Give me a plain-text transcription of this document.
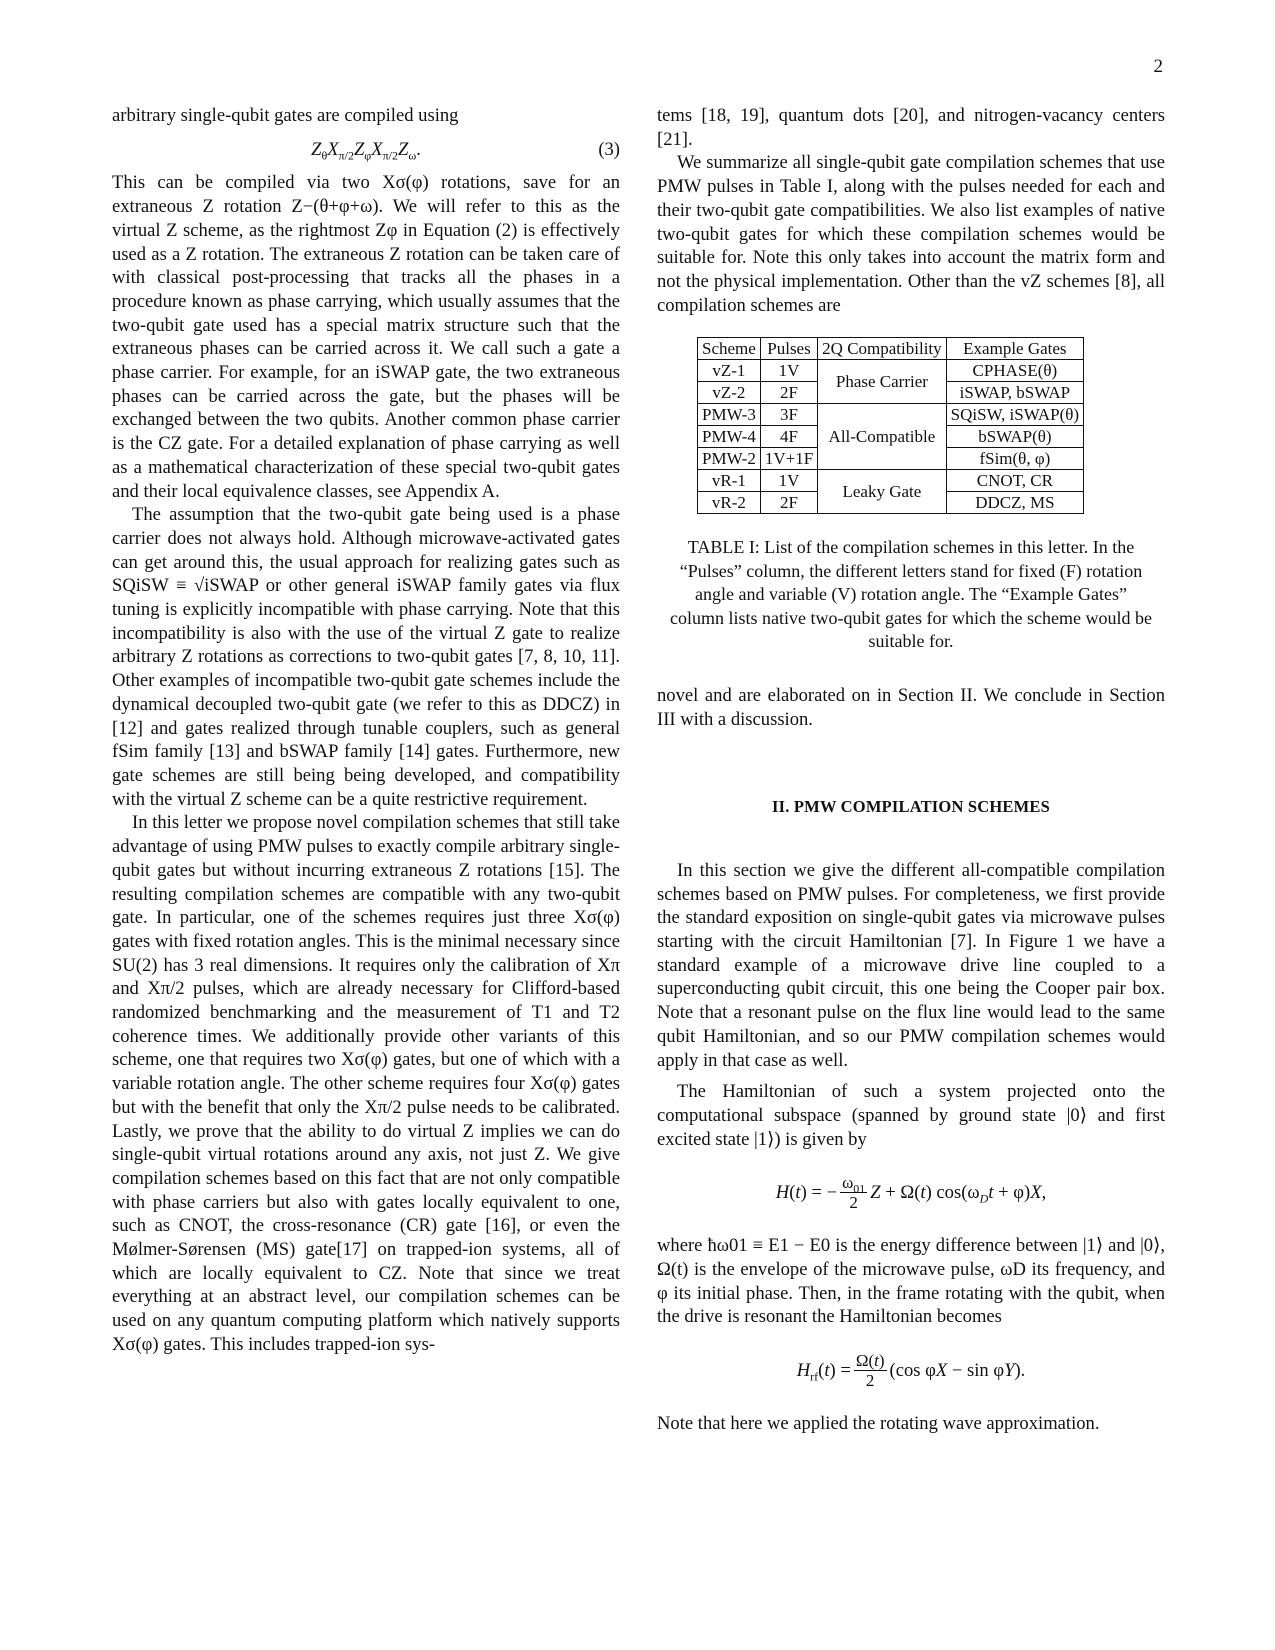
2

arbitrary single-qubit gates are compiled using

$Z_\theta X_{\pi/2}Z_\varphi X_{\pi/2}Z_\omega$.	(3)

This can be compiled via two Xσ(φ) rotations, save for an extraneous Z rotation Z−(θ+φ+ω). We will refer to this as the virtual Z scheme, as the rightmost Zφ in Equation (2) is effectively used as a Z rotation. The extraneous Z rotation can be taken care of with classical post-processing that tracks all the phases in a procedure known as phase carrying, which usually assumes that the two-qubit gate used has a special matrix structure such that the extraneous phases can be carried across it. We call such a gate a phase carrier. For example, for an iSWAP gate, the two extraneous phases can be carried across the gate, but the phases will be exchanged between the two qubits. Another common phase carrier is the CZ gate. For a detailed explanation of phase carrying as well as a mathematical characterization of these special two-qubit gates and their local equivalence classes, see Appendix A.

The assumption that the two-qubit gate being used is a phase carrier does not always hold. Although microwave-activated gates can get around this, the usual approach for realizing gates such as SQiSW ≡ √iSWAP or other general iSWAP family gates via flux tuning is explicitly incompatible with phase carrying. Note that this incompatibility is also with the use of the virtual Z gate to realize arbitrary Z rotations as corrections to two-qubit gates [7, 8, 10, 11]. Other examples of incompatible two-qubit gate schemes include the dynamical decoupled two-qubit gate (we refer to this as DDCZ) in [12] and gates realized through tunable couplers, such as general fSim family [13] and bSWAP family [14] gates. Furthermore, new gate schemes are still being being developed, and compatibility with the virtual Z scheme can be a quite restrictive requirement.

In this letter we propose novel compilation schemes that still take advantage of using PMW pulses to exactly compile arbitrary single-qubit gates but without incurring extraneous Z rotations [15]. The resulting compilation schemes are compatible with any two-qubit gate. In particular, one of the schemes requires just three Xσ(φ) gates with fixed rotation angles. This is the minimal necessary since SU(2) has 3 real dimensions. It requires only the calibration of Xπ and Xπ/2 pulses, which are already necessary for Clifford-based randomized benchmarking and the measurement of T1 and T2 coherence times. We additionally provide other variants of this scheme, one that requires two Xσ(φ) gates, but one of which with a variable rotation angle. The other scheme requires four Xσ(φ) gates but with the benefit that only the Xπ/2 pulse needs to be calibrated. Lastly, we prove that the ability to do virtual Z implies we can do single-qubit virtual rotations around any axis, not just Z. We give compilation schemes based on this fact that are not only compatible with phase carriers but also with gates locally equivalent to one, such as CNOT, the cross-resonance (CR) gate [16], or even the Mølmer-Sørensen (MS) gate[17] on trapped-ion systems, all of which are locally equivalent to CZ. Note that since we treat everything at an abstract level, our compilation schemes can be used on any quantum computing platform which natively supports Xσ(φ) gates. This includes trapped-ion sys-

tems [18, 19], quantum dots [20], and nitrogen-vacancy centers [21].

We summarize all single-qubit gate compilation schemes that use PMW pulses in Table I, along with the pulses needed for each and their two-qubit gate compatibilities. We also list examples of native two-qubit gates for which these compilation schemes would be suitable for. Note this only takes into account the matrix form and not the physical implementation. Other than the vZ schemes [8], all compilation schemes are

Scheme	Pulses	2Q Compatibility	Example Gates
vZ-1	1V	Phase Carrier	CPHASE(θ)
vZ-2	2F		iSWAP, bSWAP
PMW-3	3F	All-Compatible	SQiSW, iSWAP(θ)
PMW-4	4F		bSWAP(θ)
PMW-2	1V+1F		fSim(θ, φ)
vR-1	1V	Leaky Gate	CNOT, CR
vR-2	2F		DDCZ, MS
TABLE I: List of the compilation schemes in this letter. In the “Pulses” column, the different letters stand for fixed (F) rotation angle and variable (V) rotation angle. The “Example Gates” column lists native two-qubit gates for which the scheme would be suitable for.

novel and are elaborated on in Section II. We conclude in Section III with a discussion.

II. PMW COMPILATION SCHEMES

In this section we give the different all-compatible compilation schemes based on PMW pulses. For completeness, we first provide the standard exposition on single-qubit gates via microwave pulses starting with the circuit Hamiltonian [7]. In Figure 1 we have a standard example of a microwave drive line coupled to a superconducting qubit circuit, this one being the Cooper pair box. Note that a resonant pulse on the flux line would lead to the same qubit Hamiltonian, and so our PMW compilation schemes would apply in that case as well.

The Hamiltonian of such a system projected onto the computational subspace (spanned by ground state |0⟩ and first excited state |1⟩) is given by

H(t) = − $\frac{\omega_{01}}{2}$ Z + Ω(t) $\cos(\omega_Dt + \varphi)X$,

where ħω01 ≡ E1 − E0 is the energy difference between |1⟩ and |0⟩, Ω(t) is the envelope of the microwave pulse, ωD its frequency, and φ its initial phase. Then, in the frame rotating with the qubit, when the drive is resonant the Hamiltonian becomes

$H_{rf}(t) = \frac{\Omega(t)}{2} (\cos$ φX − sin φY).

Note that here we applied the rotating wave approximation.
